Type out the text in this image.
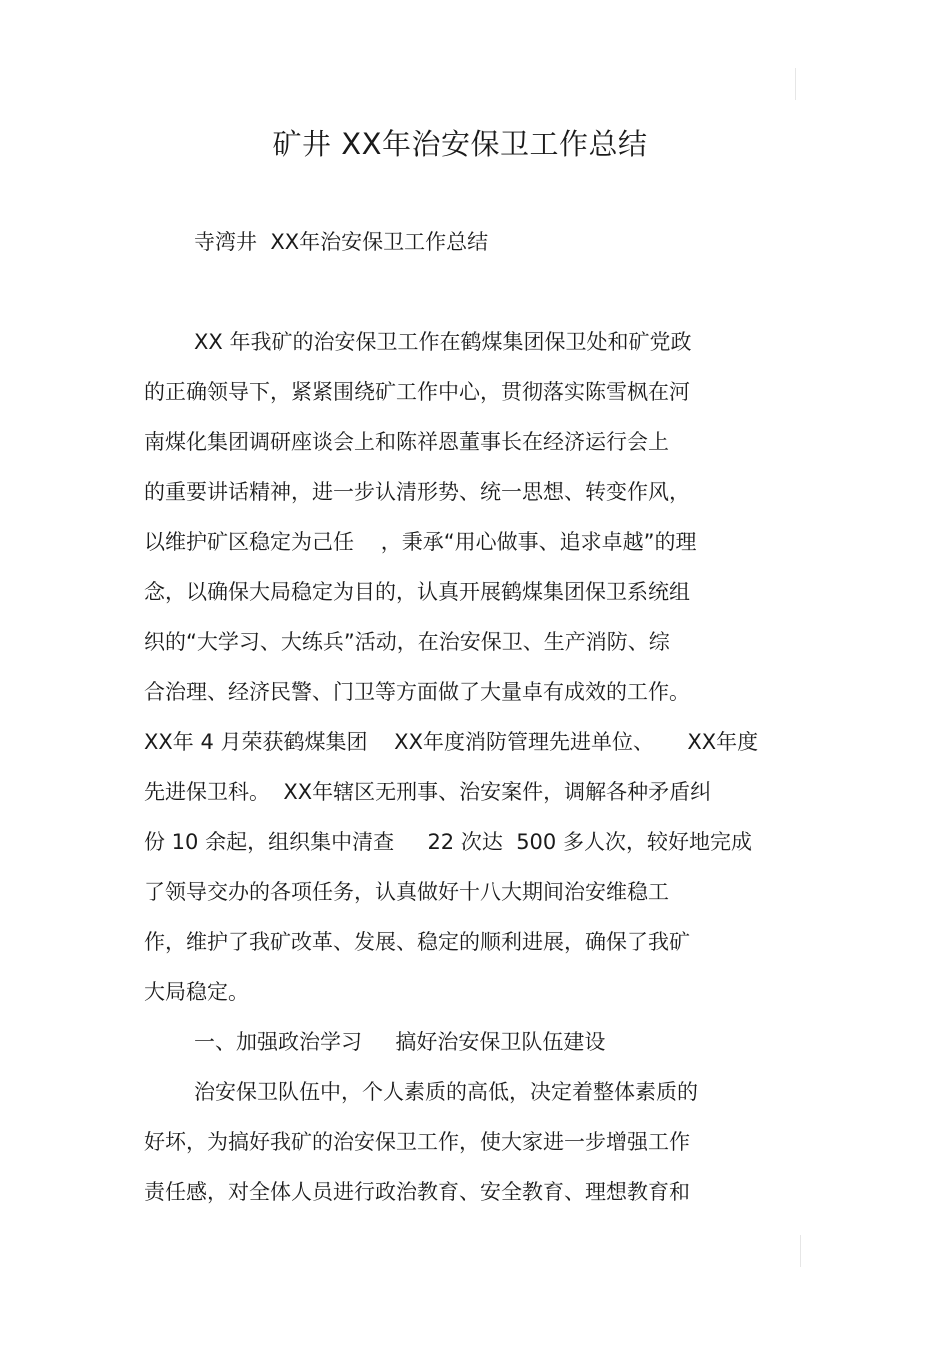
矿井 XX年治安保卫工作总结
寺湾井  XX年治安保卫工作总结
XX 年我矿的治安保卫工作在鹤煤集团保卫处和矿党政
的正确领导下，紧紧围绕矿工作中心，贯彻落实陈雪枫在河
南煤化集团调研座谈会上和陈祥恩董事长在经济运行会上
的重要讲话精神，进一步认清形势、统一思想、转变作风，
以维护矿区稳定为己任    ，秉承“用心做事、追求卓越”的理
念，以确保大局稳定为目的，认真开展鹤煤集团保卫系统组
织的“大学习、大练兵”活动，在治安保卫、生产消防、综
合治理、经济民警、门卫等方面做了大量卓有成效的工作。
XX年 4 月荣获鹤煤集团    XX年度消防管理先进单位、     XX年度
先进保卫科。  XX年辖区无刑事、治安案件，调解各种矛盾纠
份 10 余起，组织集中清查     22 次达  500 多人次，较好地完成
了领导交办的各项任务，认真做好十八大期间治安维稳工
作，维护了我矿改革、发展、稳定的顺利进展，确保了我矿
大局稳定。
一、加强政治学习     搞好治安保卫队伍建设
治安保卫队伍中，个人素质的高低，决定着整体素质的
好坏，为搞好我矿的治安保卫工作，使大家进一步增强工作
责任感，对全体人员进行政治教育、安全教育、理想教育和
